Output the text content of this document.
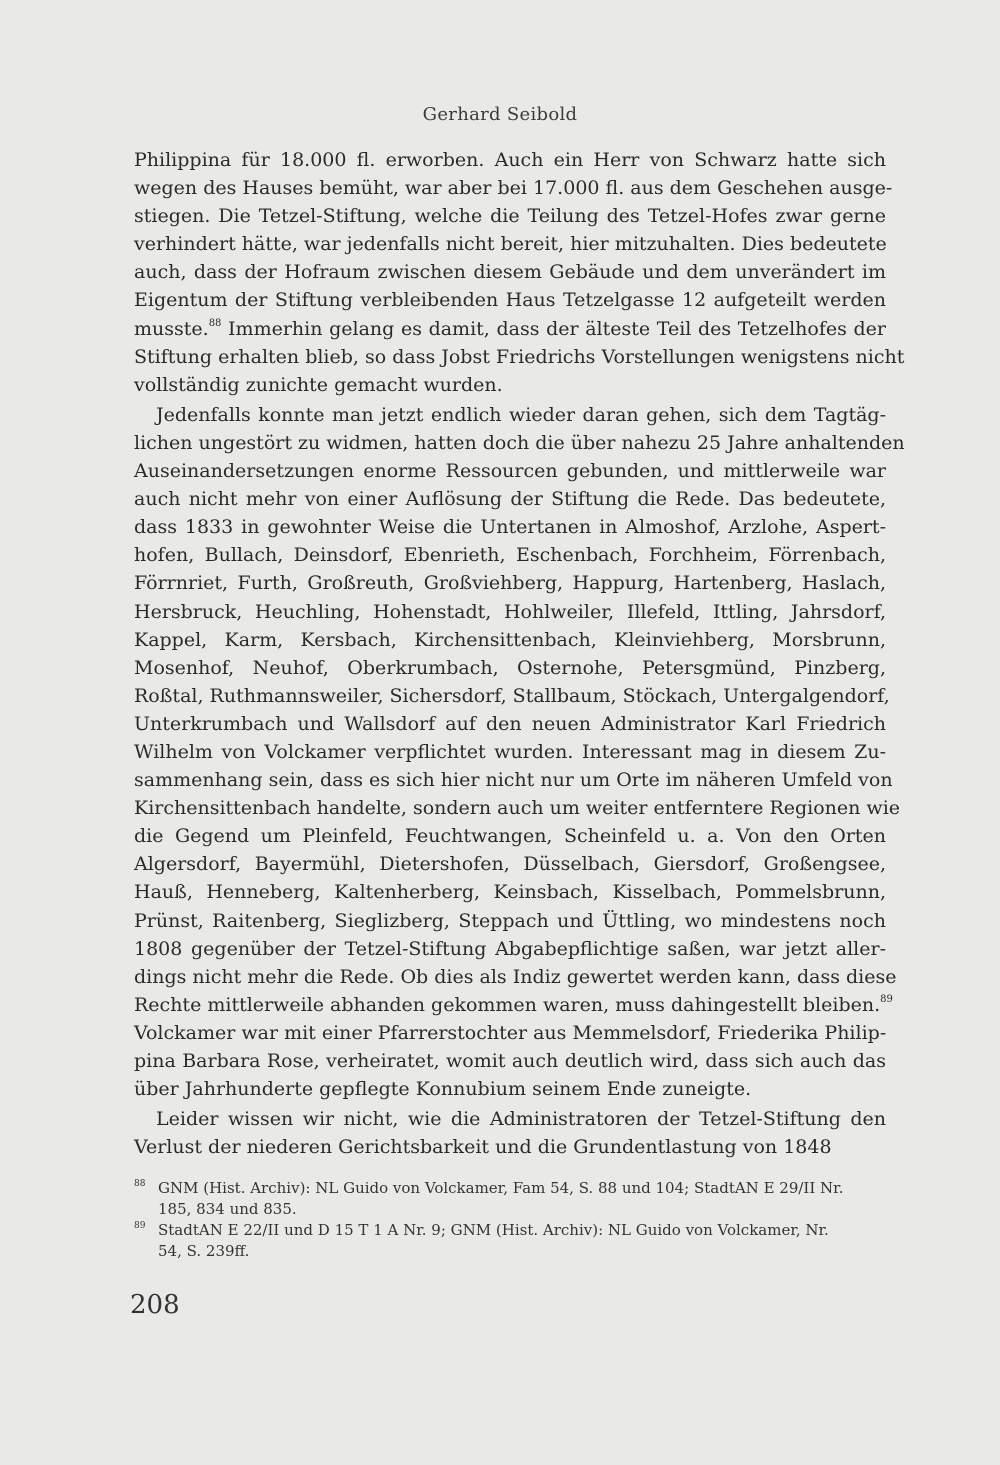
Gerhard Seibold
Philippina für 18.000 fl. erworben. Auch ein Herr von Schwarz hatte sich
wegen des Hauses bemüht, war aber bei 17.000 fl. aus dem Geschehen ausge-
stiegen. Die Tetzel-Stiftung, welche die Teilung des Tetzel-Hofes zwar gerne
verhindert hätte, war jedenfalls nicht bereit, hier mitzuhalten. Dies bedeutete
auch, dass der Hofraum zwischen diesem Gebäude und dem unverändert im
Eigentum der Stiftung verbleibenden Haus Tetzelgasse 12 aufgeteilt werden
musste.$^{88}$ Immerhin gelang es damit, dass der älteste Teil des Tetzelhofes der
Stiftung erhalten blieb, so dass Jobst Friedrichs Vorstellungen wenigstens nicht
vollständig zunichte gemacht wurden.
Jedenfalls konnte man jetzt endlich wieder daran gehen, sich dem Tagtäg-
lichen ungestört zu widmen, hatten doch die über nahezu 25 Jahre anhaltenden
Auseinandersetzungen enorme Ressourcen gebunden, und mittlerweile war
auch nicht mehr von einer Auflösung der Stiftung die Rede. Das bedeutete,
dass 1833 in gewohnter Weise die Untertanen in Almoshof, Arzlohe, Aspert-
hofen, Bullach, Deinsdorf, Ebenrieth, Eschenbach, Forchheim, Förrenbach,
Förrnriet, Furth, Großreuth, Großviehberg, Happurg, Hartenberg, Haslach,
Hersbruck, Heuchling, Hohenstadt, Hohlweiler, Illefeld, Ittling, Jahrsdorf,
Kappel, Karm, Kersbach, Kirchensittenbach, Kleinviehberg, Morsbrunn,
Mosenhof, Neuhof, Oberkrumbach, Osternohe, Petersgmünd, Pinzberg,
Roßtal, Ruthmannsweiler, Sichersdorf, Stallbaum, Stöckach, Untergalgendorf,
Unterkrumbach und Wallsdorf auf den neuen Administrator Karl Friedrich
Wilhelm von Volckamer verpflichtet wurden. Interessant mag in diesem Zu-
sammenhang sein, dass es sich hier nicht nur um Orte im näheren Umfeld von
Kirchensittenbach handelte, sondern auch um weiter entferntere Regionen wie
die Gegend um Pleinfeld, Feuchtwangen, Scheinfeld u. a. Von den Orten
Algersdorf, Bayermühl, Dietershofen, Düsselbach, Giersdorf, Großengsee,
Hauß, Henneberg, Kaltenherberg, Keinsbach, Kisselbach, Pommelsbrunn,
Prünst, Raitenberg, Sieglizberg, Steppach und Üttling, wo mindestens noch
1808 gegenüber der Tetzel-Stiftung Abgabepflichtige saßen, war jetzt aller-
dings nicht mehr die Rede. Ob dies als Indiz gewertet werden kann, dass diese
Rechte mittlerweile abhanden gekommen waren, muss dahingestellt bleiben.$^{89}$
Volckamer war mit einer Pfarrerstochter aus Memmelsdorf, Friederika Philip-
pina Barbara Rose, verheiratet, womit auch deutlich wird, dass sich auch das
über Jahrhunderte gepflegte Konnubium seinem Ende zuneigte.
Leider wissen wir nicht, wie die Administratoren der Tetzel-Stiftung den
Verlust der niederen Gerichtsbarkeit und die Grundentlastung von 1848
88 GNM (Hist. Archiv): NL Guido von Volckamer, Fam 54, S. 88 und 104; StadtAN E 29/II Nr.
185, 834 und 835.
89 StadtAN E 22/II und D 15 T 1 A Nr. 9; GNM (Hist. Archiv): NL Guido von Volckamer, Nr.
54, S. 239ff.
208
